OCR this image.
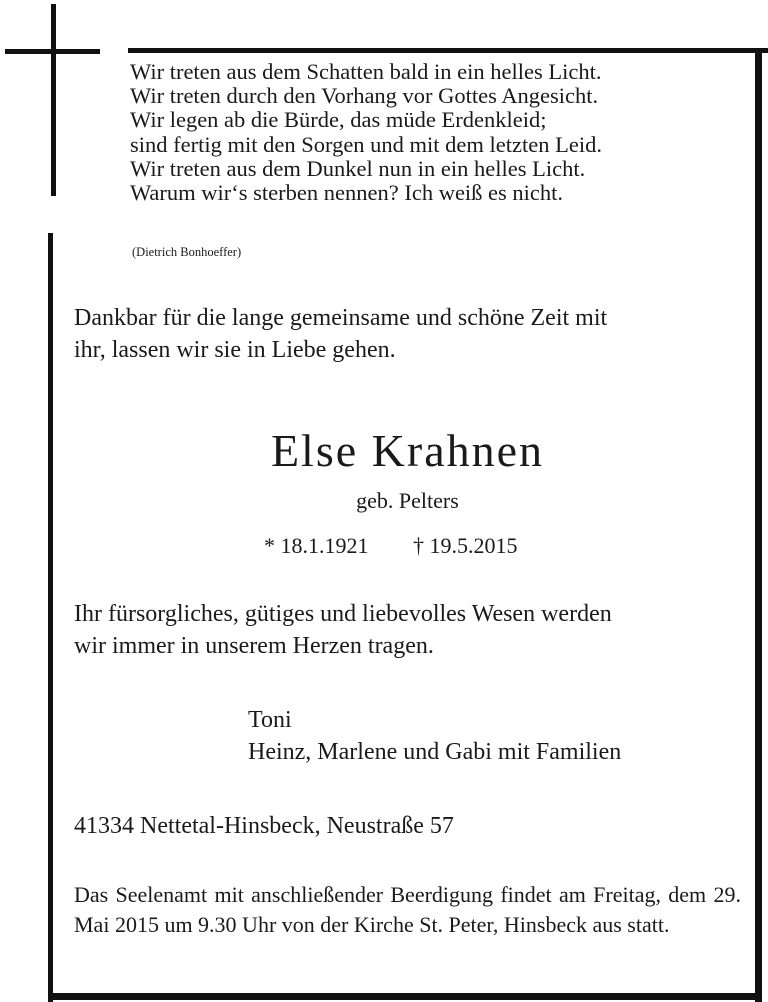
Wir treten aus dem Schatten bald in ein helles Licht.
Wir treten durch den Vorhang vor Gottes Angesicht.
Wir legen ab die Bürde, das müde Erdenkleid;
sind fertig mit den Sorgen und mit dem letzten Leid.
Wir treten aus dem Dunkel nun in ein helles Licht.
Warum wir‘s sterben nennen? Ich weiß es nicht.
(Dietrich Bonhoeffer)
Dankbar für die lange gemeinsame und schöne Zeit mit
ihr, lassen wir sie in Liebe gehen.
Else Krahnen
geb. Pelters
* 18.1.1921 † 19.5.2015
Ihr fürsorgliches, gütiges und liebevolles Wesen werden
wir immer in unserem Herzen tragen.
Toni
Heinz, Marlene und Gabi mit Familien
41334 Nettetal-Hinsbeck, Neustraße 57
Das Seelenamt mit anschließender Beerdigung findet am Freitag, dem 29. Mai 2015 um 9.30 Uhr von der Kirche St. Peter, Hinsbeck aus statt.
